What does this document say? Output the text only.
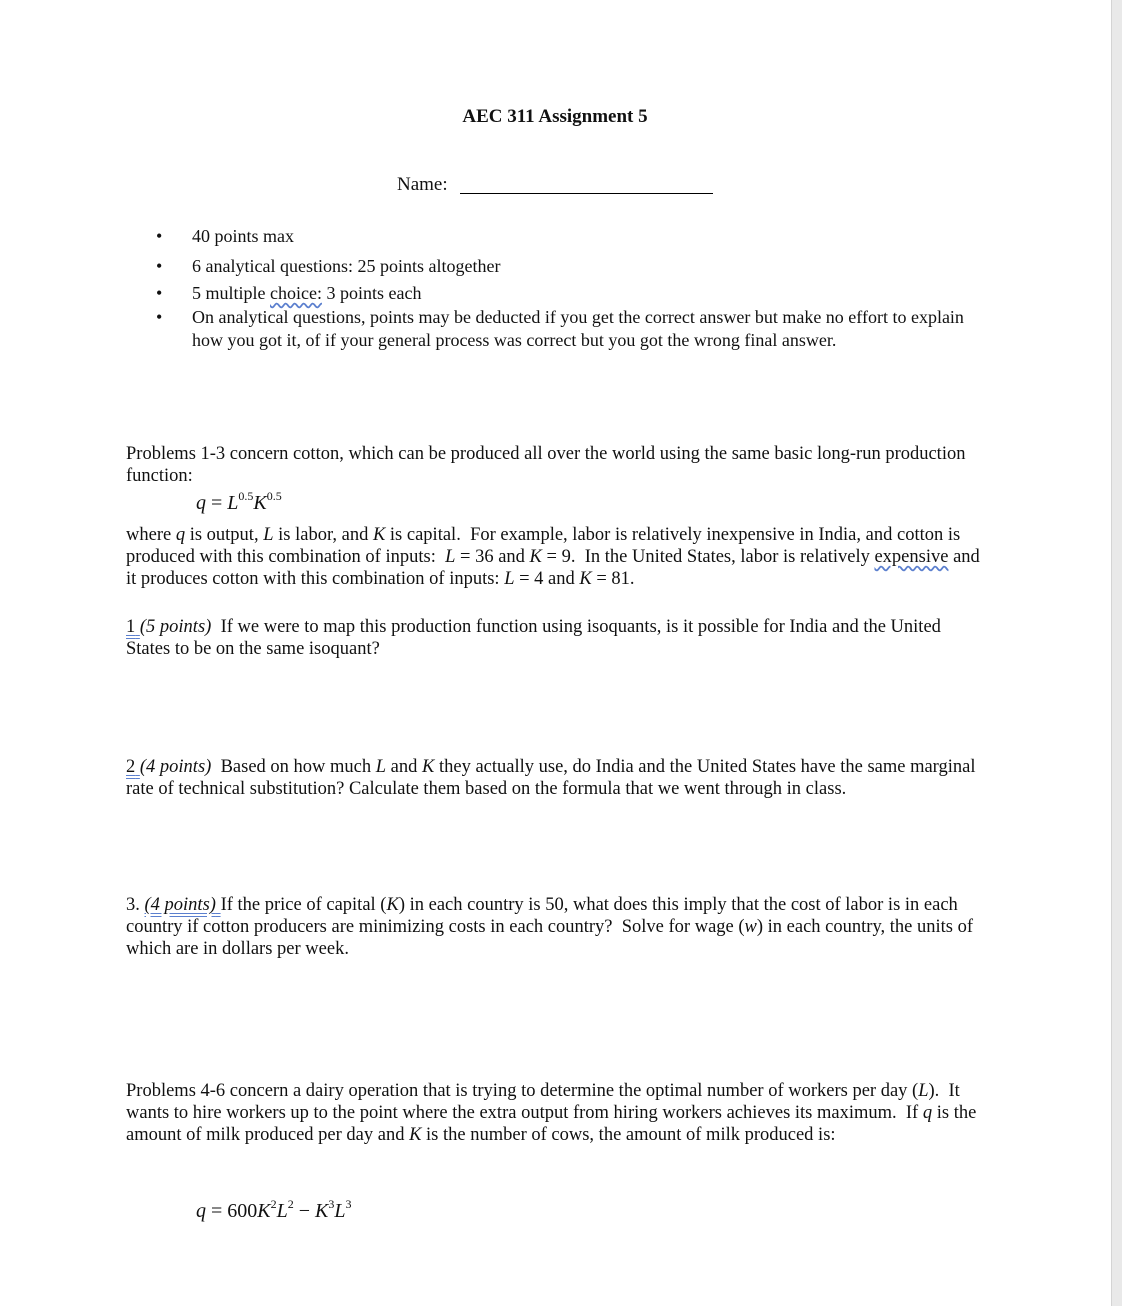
AEC 311 Assignment 5
Name:
• 40 points max
• 6 analytical questions: 25 points altogether
• 5 multiple choice: 3 points each
• On analytical questions, points may be deducted if you get the correct answer but make no effort to explain how you got it, of if your general process was correct but you got the wrong final answer.
Problems 1-3 concern cotton, which can be produced all over the world using the same basic long-run production function:
$q = L^{0.5}K^{0.5}$
where q is output, L is labor, and K is capital.  For example, labor is relatively inexpensive in India, and cotton is produced with this combination of inputs:  L = 36 and K = 9.  In the United States, labor is relatively expensive and it produces cotton with this combination of inputs: L = 4 and K = 81.
1 (5 points) If we were to map this production function using isoquants, is it possible for India and the United States to be on the same isoquant?
2 (4 points)  Based on how much L and K they actually use, do India and the United States have the same marginal rate of technical substitution? Calculate them based on the formula that we went through in class.
3. (4 points) If the price of capital (K) in each country is 50, what does this imply that the cost of labor is in each country if cotton producers are minimizing costs in each country?  Solve for wage (w) in each country, the units of which are in dollars per week.
Problems 4-6 concern a dairy operation that is trying to determine the optimal number of workers per day (L).  It wants to hire workers up to the point where the extra output from hiring workers achieves its maximum.  If q is the amount of milk produced per day and K is the number of cows, the amount of milk produced is:
$q = 600K^2L^2 - K^3L^3$
